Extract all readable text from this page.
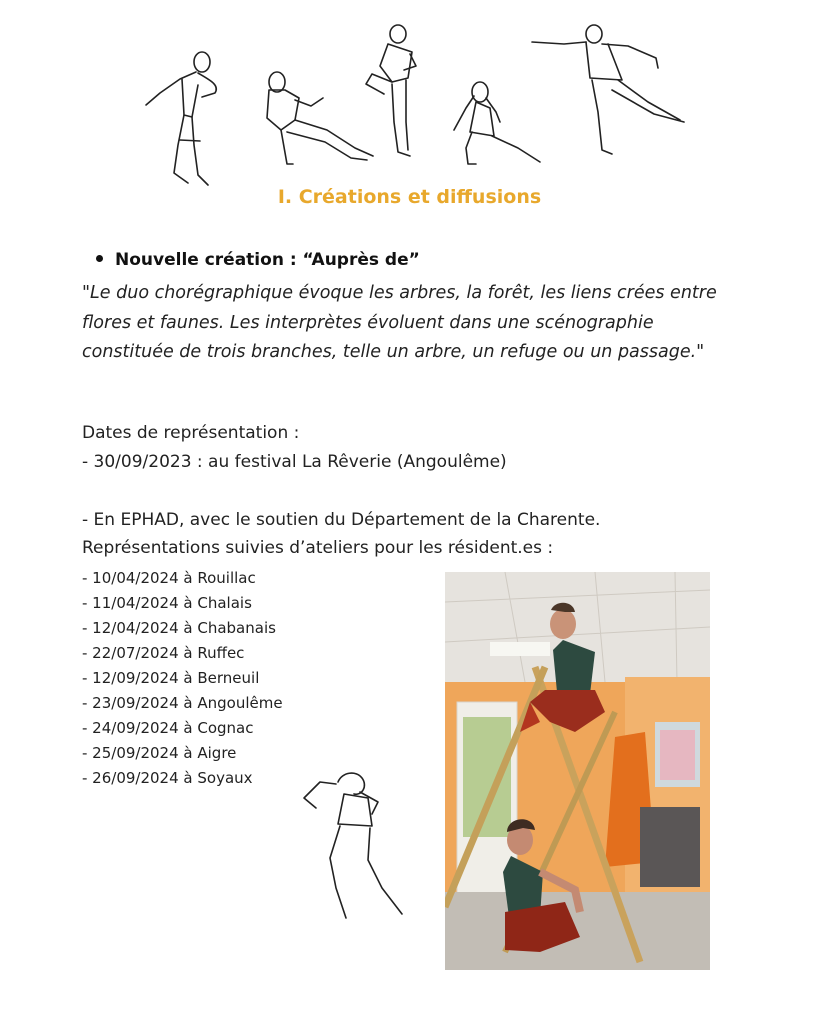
I. Créations et diffusions
Nouvelle création : “Auprès de”
"Le duo chorégraphique évoque les arbres, la forêt, les liens crées entre flores et faunes. Les interprètes évoluent dans une scénographie constituée de trois branches, telle un arbre, un refuge ou un passage."
Dates de représentation :
- 30/09/2023 : au festival La Rêverie (Angoulême)
- En EPHAD, avec le soutien du Département de la Charente.
Représentations suivies d’ateliers pour les résident.es :
- 10/04/2024 à Rouillac
- 11/04/2024 à Chalais
- 12/04/2024 à Chabanais
- 22/07/2024 à Ruffec
- 12/09/2024 à Berneuil
- 23/09/2024 à Angoulême
- 24/09/2024 à Cognac
- 25/09/2024 à Aigre
- 26/09/2024 à Soyaux
